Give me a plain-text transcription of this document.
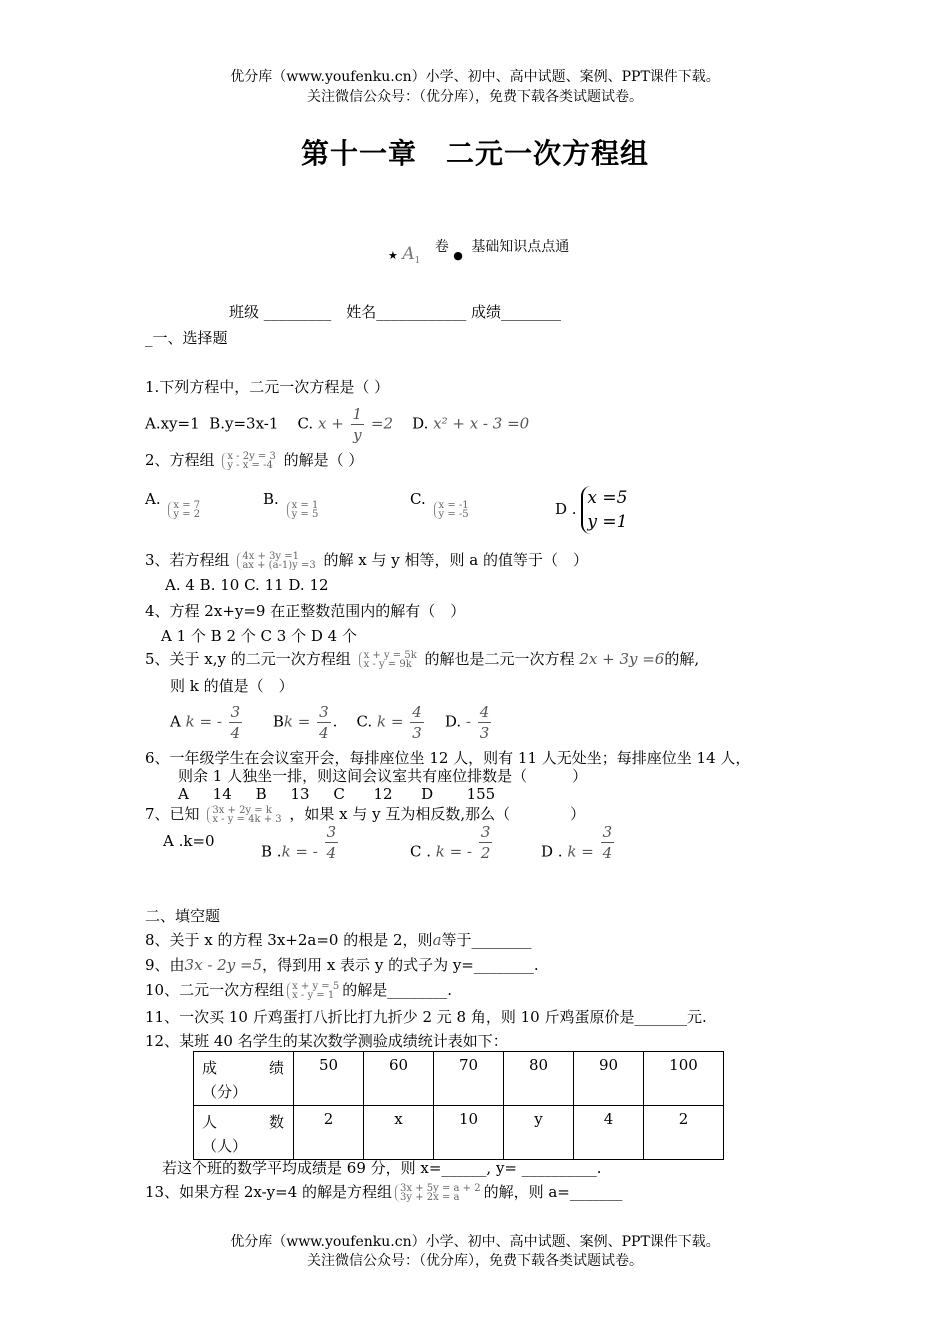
优分库（www.youfenku.cn）小学、初中、高中试题、案例、PPT课件下载。
关注微信公众号：（优分库），免费下载各类试题试卷。
第十一章　二元一次方程组
$_★$ $A_1$ 卷 $_●$ 基础知识点点通
班级 _________　姓名____________ 成绩________
_一、选择题
1.下列方程中，二元一次方程是（ ）
A.xy=1 B.y=3x-1 C. $x + \frac{1}{y} =2$ D. x² + x - 3 =0
2、方程组 x - 2y = 3
y - x = -4 的解是（ ）
A. x = 7
y = 2
B. x = 1
y = 5
C. x = -1
y = -5	D .
x =5
y =1
3、若方程组 4x + 3y =1
ax + (a-1)y =3 的解 x 与 y 相等，则 a 的值等于（　）
A. 4 B. 10 C. 11 D. 12
4、方程 2x+y=9 在正整数范围内的解有（　）
A 1 个 B 2 个 C 3 个 D 4 个
5、关于 x,y 的二元一次方程组 x + y = 5k
x - y = 9k 的解也是二元一次方程 2x + 3y =6的解,
则 k 的值是（　）
A k = - $\frac{3}{4}$ $Bk = \frac{3}{4}$ . C. $k = \frac{4}{3} D$. - $\frac{4}{3}$
6、一年级学生在会议室开会，每排座位坐 12 人，则有 11 人无处坐；每排座位坐 14 人，
则余 1 人独坐一排，则这间会议室共有座位排数是（　　　）
A     14     B     13     C      12      D       155
7、已知 3x + 2y = k
x - y = 4k + 3 ，如果 x 与 y 互为相反数,那么（　　　　）
A .k=0
B .k = - $\frac{3}{4}$	C . k = - $\frac{3}{2}$	D . $k = \frac{3}{4}$
二、填空题
8、关于 x 的方程 3x+2a=0 的根是 2，则a等于________
9、由3x - 2y =5，得到用 x 表示 y 的式子为 y=________.
10、二元一次方程组 x + y = 5
x - y = 1 的解是________.
11、一次买 10 斤鸡蛋打八折比打九折少 2 元 8 角，则 10 斤鸡蛋原价是_______元.
12、某班 40 名学生的某次数学测验成绩统计表如下：
成 绩

（分）	50	60	70	80	90	100
人 数

（人）	2	x	10	y	4	2
若这个班的数学平均成绩是 69 分，则 x=______, y= __________.
13、如果方程 2x-y=4 的解是方程组 3x + 5y = a + 2
3y + 2x = a	的解，则 a=_______
优分库（www.youfenku.cn）小学、初中、高中试题、案例、PPT课件下载。
关注微信公众号：（优分库），免费下载各类试题试卷。
